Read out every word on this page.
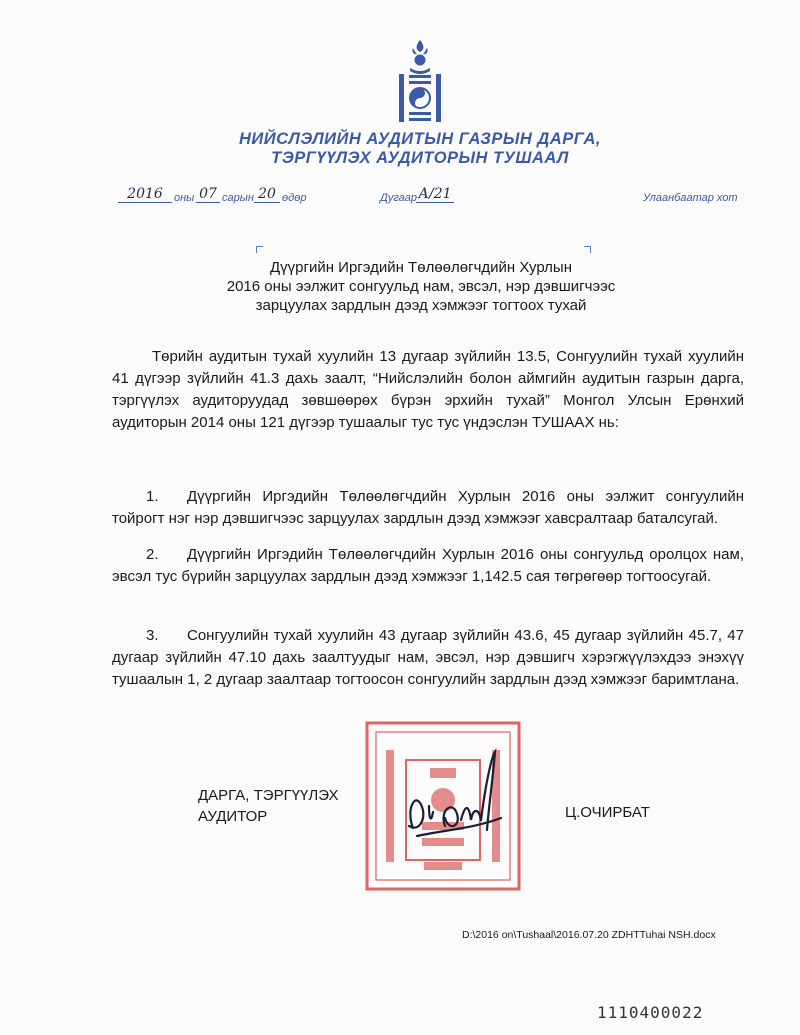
НИЙСЛЭЛИЙН АУДИТЫН ГАЗРЫН ДАРГА,
ТЭРГҮҮЛЭХ АУДИТОРЫН ТУШААЛ
2016	оны 07 сарын 20 өдөр	Дугаар А/21	Улаанбаатар хот
Дүүргийн Иргэдийн Төлөөлөгчдийн Хурлын
2016 оны ээлжит сонгуульд нам, эвсэл, нэр дэвшигчээс
зарцуулах зардлын дээд хэмжээг тогтоох тухай
Төрийн аудитын тухай хуулийн 13 дугаар зүйлийн 13.5, Сонгуулийн тухай хуулийн 41 дүгээр зүйлийн 41.3 дахь заалт, “Нийслэлийн болон аймгийн аудитын газрын дарга, тэргүүлэх аудиторуудад зөвшөөрөх бүрэн эрхийн тухай” Монгол Улсын Ерөнхий аудиторын 2014 оны 121 дүгээр тушаалыг тус тус үндэслэн ТУШААХ нь:
1.	Дүүргийн Иргэдийн Төлөөлөгчдийн Хурлын 2016 оны ээлжит сонгуулийн тойрогт нэг нэр дэвшигчээс зарцуулах зардлын дээд хэмжээг хавсралтаар баталсугай.
2.	Дүүргийн Иргэдийн Төлөөлөгчдийн Хурлын 2016 оны сонгуульд оролцох нам, эвсэл тус бүрийн зарцуулах зардлын дээд хэмжээг 1,142.5 сая төгрөгөөр тогтоосугай.
3.	Сонгуулийн тухай хуулийн 43 дугаар зүйлийн 43.6, 45 дугаар зүйлийн 45.7, 47 дугаар зүйлийн 47.10 дахь заалтуудыг нам, эвсэл, нэр дэвшигч хэрэгжүүлэхдээ энэхүү тушаалын 1, 2 дугаар заалтаар тогтоосон сонгуулийн зардлын дээд хэмжээг баримтлана.
ДАРГА, ТЭРГҮҮЛЭХ
АУДИТОР	Ц.ОЧИРБАТ
D:\2016 on\Tushaal\2016.07.20 ZDHTTuhai NSH.docx
1110400022
